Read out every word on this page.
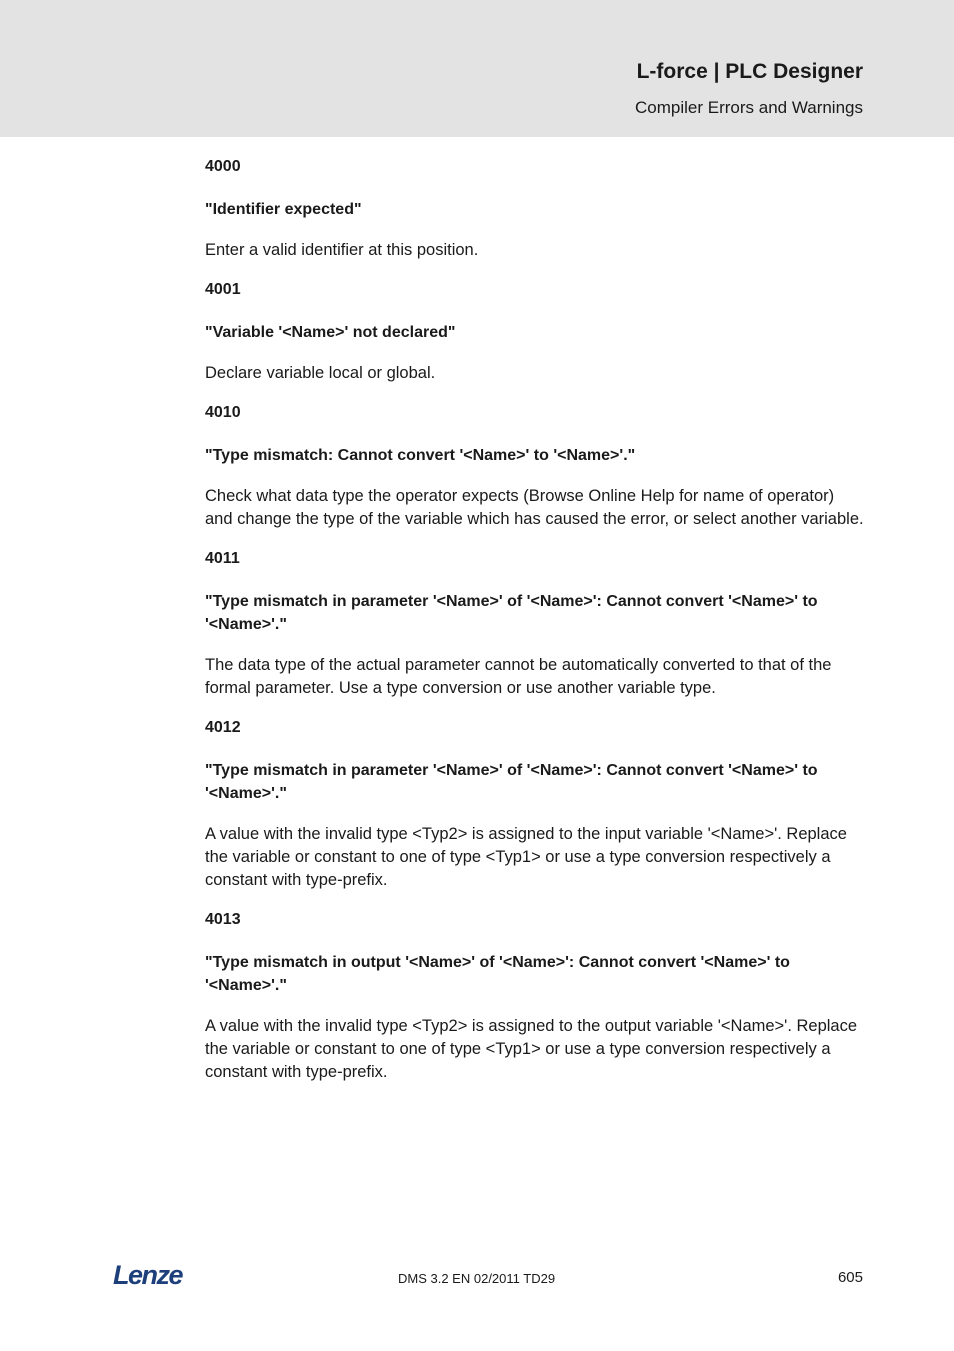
L-force | PLC Designer
Compiler Errors and Warnings

4000

"Identifier expected"

Enter a valid identifier at this position.

4001

"Variable '<Name>' not declared"

Declare variable local or global.

4010

"Type mismatch: Cannot convert '<Name>' to '<Name>'."

Check what data type the operator expects (Browse Online Help for name of operator) and change the type of the variable which has caused the error, or select another variable.

4011

"Type mismatch in parameter '<Name>' of '<Name>': Cannot convert '<Name>' to '<Name>'."

The data type of the actual parameter cannot be automatically converted to that of the formal parameter. Use a type conversion or use another variable type.

4012

"Type mismatch in parameter '<Name>' of '<Name>': Cannot convert '<Name>' to '<Name>'."

A value with the invalid type <Typ2> is assigned to the input variable '<Name>'. Replace the variable or constant to one of type <Typ1> or use a type conversion respectively a constant with type-prefix.

4013

"Type mismatch in output '<Name>' of '<Name>': Cannot convert '<Name>' to '<Name>'."

A value with the invalid type <Typ2> is assigned to the output variable '<Name>'. Replace the variable or constant to one of type <Typ1> or use a type conversion respectively a constant with type-prefix.

Lenze	DMS 3.2 EN 02/2011 TD29	605
